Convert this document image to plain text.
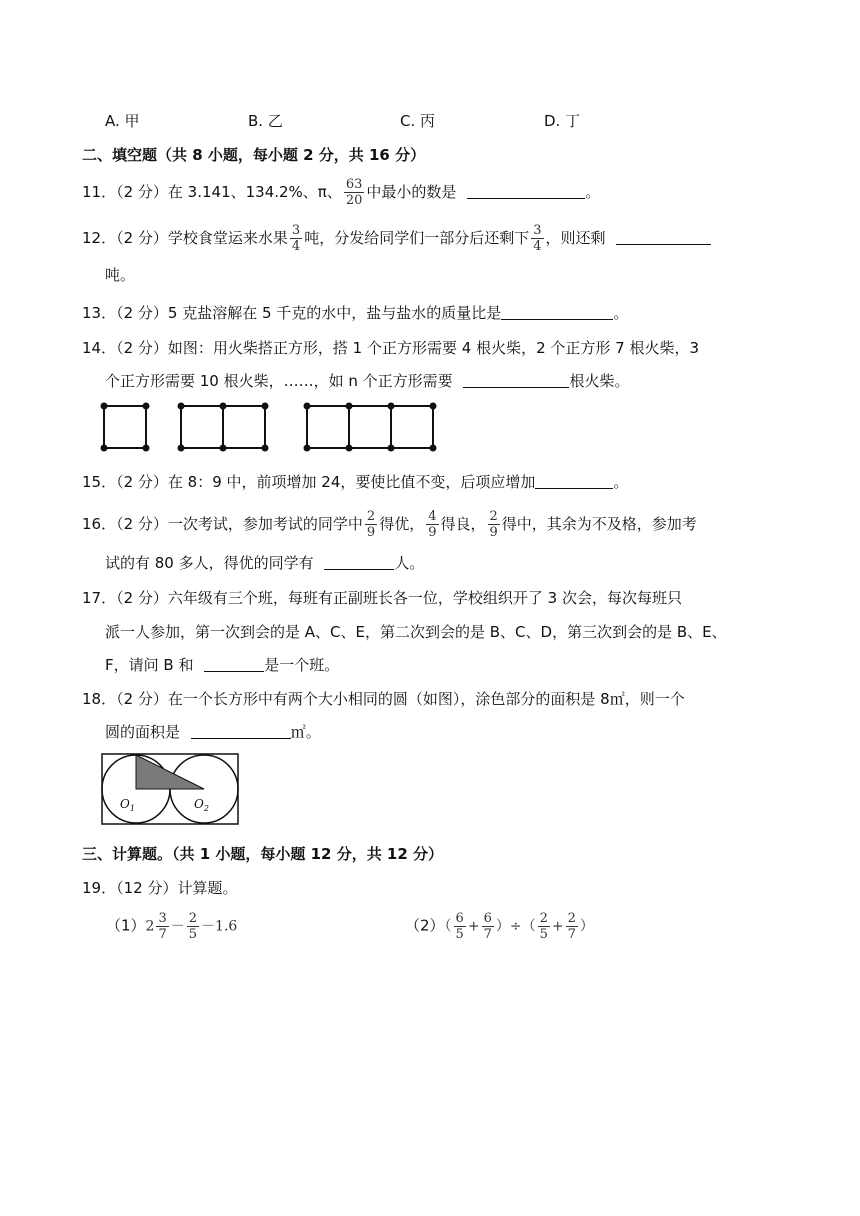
A. 甲	B. 乙	C. 丙	D. 丁
二、填空题（共 8 小题，每小题 2 分，共 16 分）
11．（2 分）在 3.141、134.2%、π、 $\frac{63}{20}$ 中最小的数是	。
12．（2 分）学校食堂运来水果 $\frac{3}{4}$ 吨，分发给同学们一部分后还剩下 $\frac{3}{4}$ ，则还剩
吨。
13．（2 分）5 克盐溶解在 5 千克的水中，盐与盐水的质量比是	。
14．（2 分）如图：用火柴搭正方形，搭 1 个正方形需要 4 根火柴，2 个正方形 7 根火柴，3
个正方形需要 10 根火柴，……，如 n 个正方形需要	根火柴。
15．（2 分）在 8：9 中，前项增加 24，要使比值不变，后项应增加	。
16．（2 分）一次考试，参加考试的同学中 $\frac{2}{9}$ 得优， $\frac{4}{9}$ 得良， $\frac{2}{9}$ 得中，其余为不及格，参加考
试的有 80 多人，得优的同学有	人。
17．（2 分）六年级有三个班，每班有正副班长各一位，学校组织开了 3 次会，每次每班只
派一人参加，第一次到会的是 A、C、E，第二次到会的是 B、C、D，第三次到会的是 B、E、
F，请问 B 和	是一个班。
18．（2 分）在一个长方形中有两个大小相同的圆（如图），涂色部分的面积是 8㎡，则一个
圆的面积是	㎡。
$O_1$	$O_2$
三、计算题。（共 1 小题，每小题 12 分，共 12 分）
19．（12 分）计算题。
$(1)2 \frac{3}{7} - \frac{2}{5} -1.6$	$(2)( \frac{6}{5} + \frac{6}{7}$ ）÷（ $\frac{2}{5} + \frac{2}{7}$ ）
